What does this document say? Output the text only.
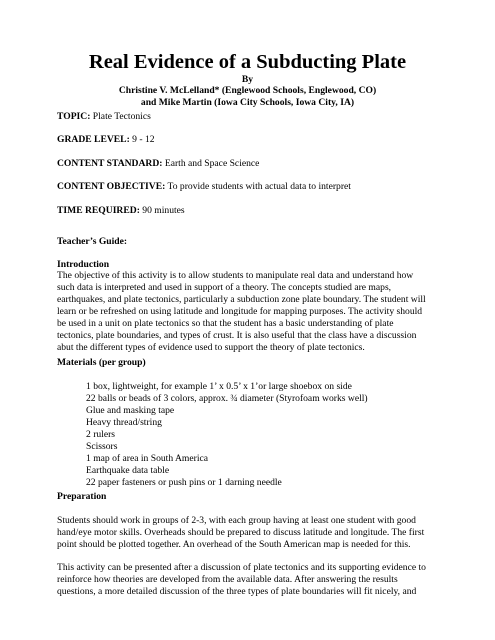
Real Evidence of a Subducting Plate
By
Christine V. McLelland* (Englewood Schools, Englewood, CO)
and Mike Martin (Iowa City Schools, Iowa City, IA)
TOPIC: Plate Tectonics
GRADE LEVEL: 9 - 12
CONTENT STANDARD: Earth and Space Science
CONTENT OBJECTIVE: To provide students with actual data to interpret
TIME REQUIRED: 90 minutes
Teacher’s Guide:
Introduction
The objective of this activity is to allow students to manipulate real data and understand how
such data is interpreted and used in support of a theory. The concepts studied are maps,
earthquakes, and plate tectonics, particularly a subduction zone plate boundary. The student will
learn or be refreshed on using latitude and longitude for mapping purposes. The activity should
be used in a unit on plate tectonics so that the student has a basic understanding of plate
tectonics, plate boundaries, and types of crust. It is also useful that the class have a discussion
abut the different types of evidence used to support the theory of plate tectonics.
Materials (per group)
1 box, lightweight, for example 1’ x 0.5’ x 1’or large shoebox on side
22 balls or beads of 3 colors, approx. ¾ diameter (Styrofoam works well)
Glue and masking tape
Heavy thread/string
2 rulers
Scissors
1 map of area in South America
Earthquake data table
22 paper fasteners or push pins or 1 darning needle
Preparation
Students should work in groups of 2-3, with each group having at least one student with good
hand/eye motor skills. Overheads should be prepared to discuss latitude and longitude. The first
point should be plotted together. An overhead of the South American map is needed for this.
This activity can be presented after a discussion of plate tectonics and its supporting evidence to
reinforce how theories are developed from the available data. After answering the results
questions, a more detailed discussion of the three types of plate boundaries will fit nicely, and
